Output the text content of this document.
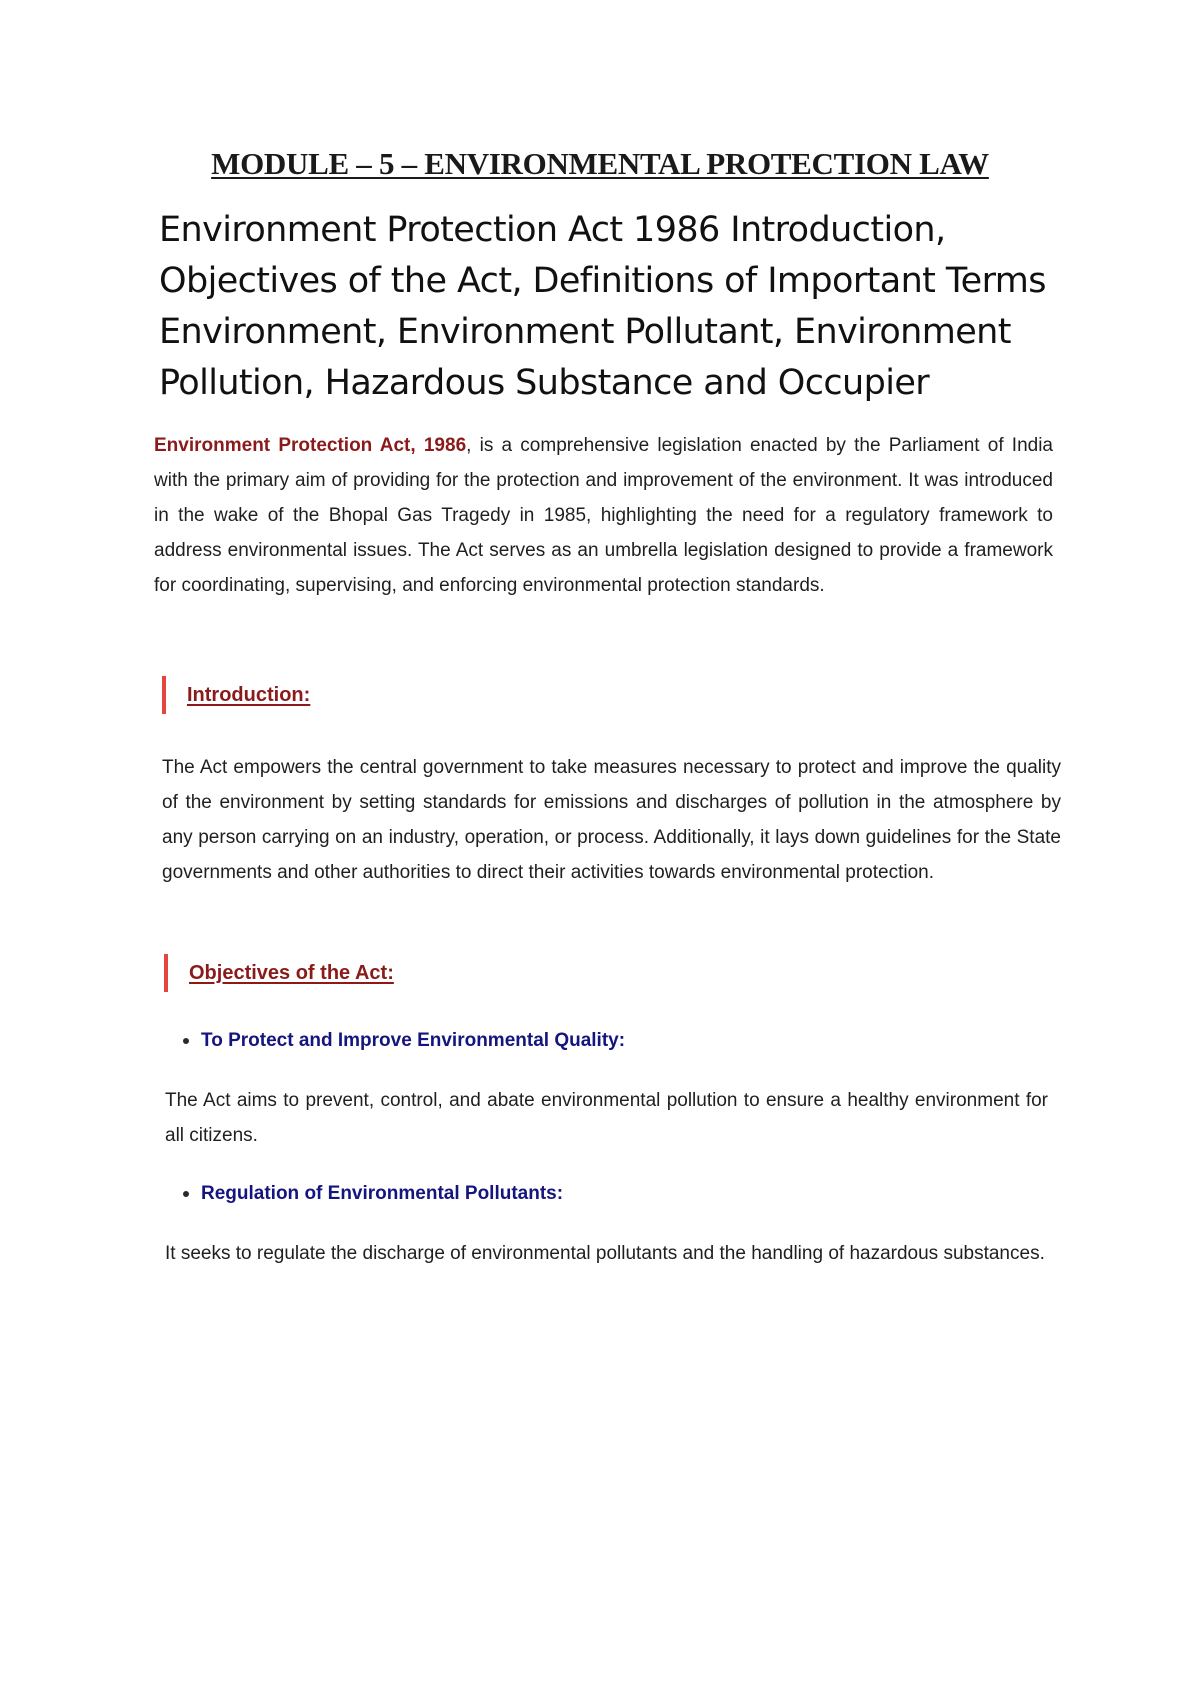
MODULE – 5 – ENVIRONMENTAL PROTECTION LAW
Environment Protection Act 1986 Introduction, Objectives of the Act, Definitions of Important Terms Environment, Environment Pollutant, Environment Pollution, Hazardous Substance and Occupier

Environment Protection Act, 1986, is a comprehensive legislation enacted by the Parliament of India with the primary aim of providing for the protection and improvement of the environment. It was introduced in the wake of the Bhopal Gas Tragedy in 1985, highlighting the need for a regulatory framework to address environmental issues. The Act serves as an umbrella legislation designed to provide a framework for coordinating, supervising, and enforcing environmental protection standards.

Introduction:

The Act empowers the central government to take measures necessary to protect and improve the quality of the environment by setting standards for emissions and discharges of pollution in the atmosphere by any person carrying on an industry, operation, or process. Additionally, it lays down guidelines for the State governments and other authorities to direct their activities towards environmental protection.

Objectives of the Act:
To Protect and Improve Environmental Quality:

The Act aims to prevent, control, and abate environmental pollution to ensure a healthy environment for all citizens.

Regulation of Environmental Pollutants:

It seeks to regulate the discharge of environmental pollutants and the handling of hazardous substances.
